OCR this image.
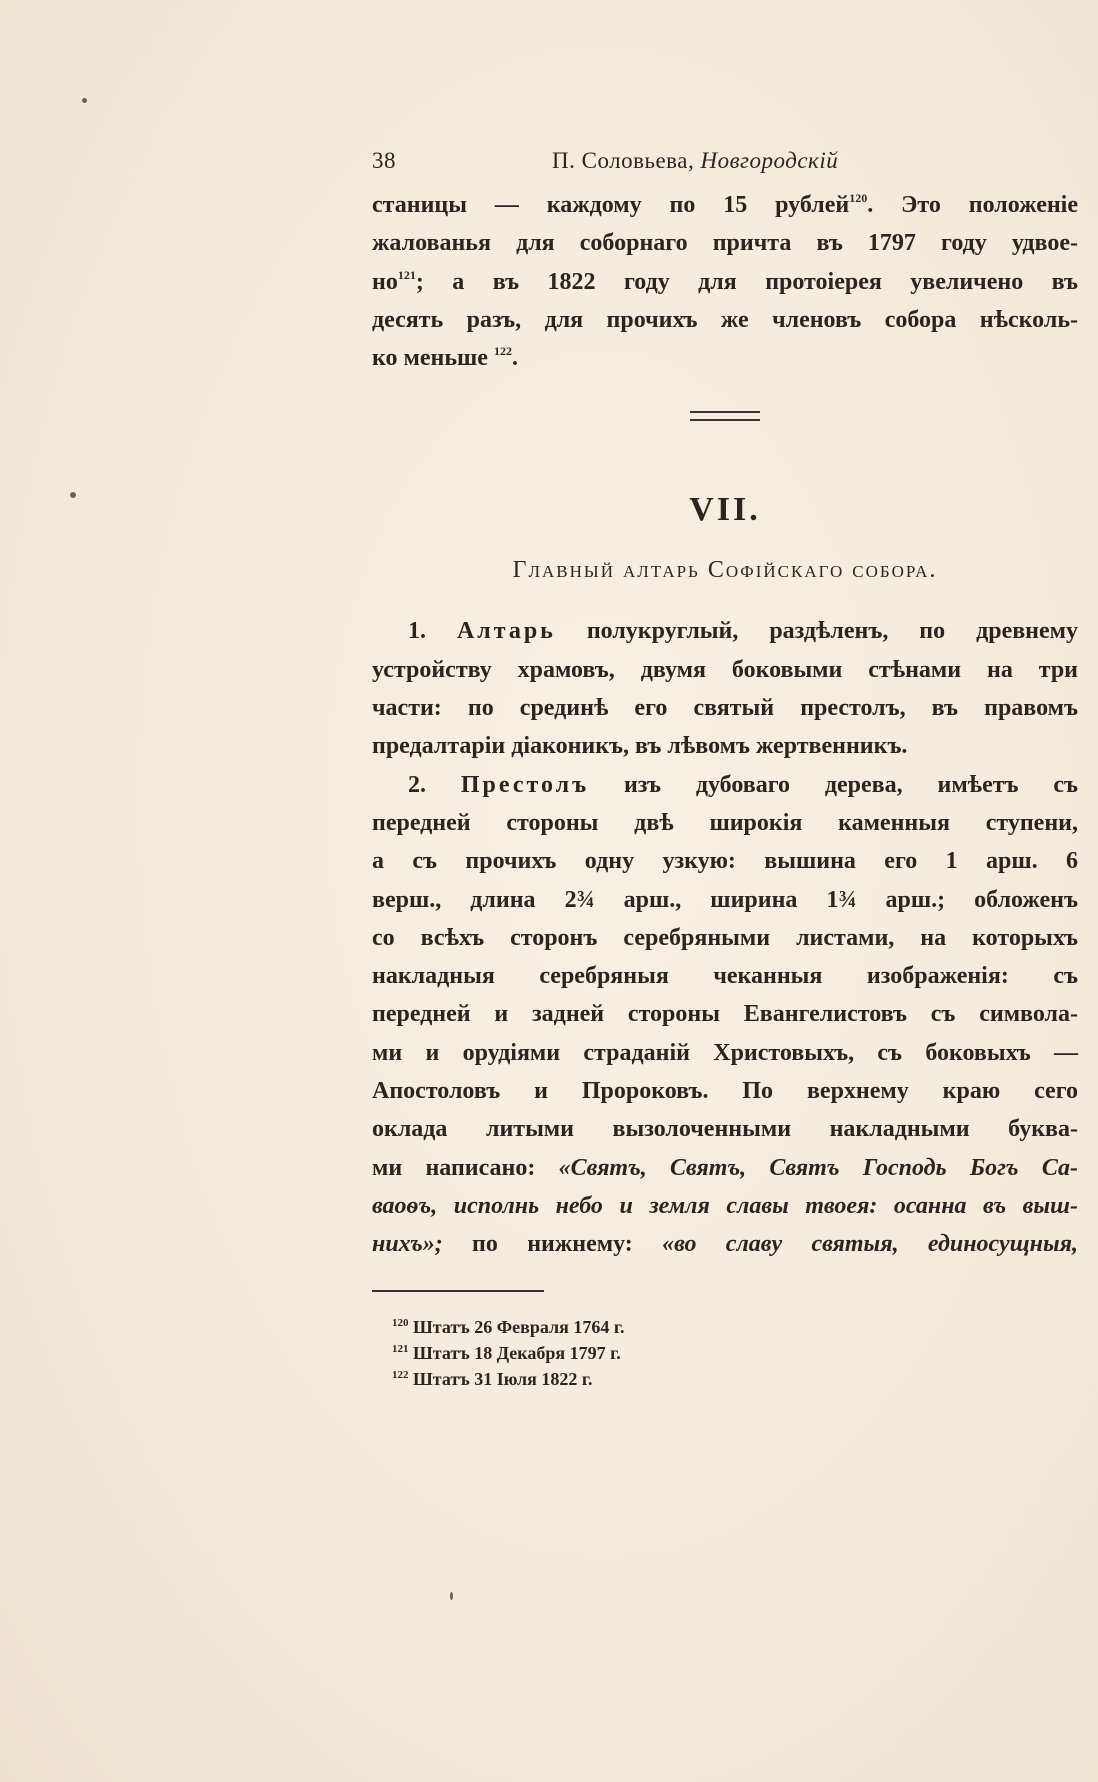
38	П. Соловьева, Новгородскій
станицы — каждому по 15 рублей$^{120}$. Это положеніе
жалованья для соборнаго причта въ 1797 году удвое-
$но^{121}$; а въ 1822 году для протоіерея увеличено въ
десять разъ, для прочихъ же членовъ собора нѣсколь-
ко меньше $^{122}$.
VII.
Главный алтарь Софійскаго собора.
1. Алтарь полукруглый, раздѣленъ, по древнему
устройству храмовъ, двумя боковыми стѣнами на три
части: по срединѣ его святый престолъ, въ правомъ
предалтаріи діаконикъ, въ лѣвомъ жертвенникъ.
2. Престолъ изъ дубоваго дерева, имѣетъ съ
передней стороны двѣ широкія каменныя ступени,
а съ прочихъ одну узкую: вышина его 1 арш. 6
верш., длина 2¾ арш., ширина 1¾ арш.; обложенъ
со всѣхъ сторонъ серебряными листами, на которыхъ
накладныя серебряныя чеканныя изображенія: съ
передней и задней стороны Евангелистовъ съ символа-
ми и орудіями страданій Христовыхъ, съ боковыхъ —
Апостоловъ и Пророковъ. По верхнему краю сего
оклада литыми вызолоченными накладными буква-
ми написано: «Святъ, Святъ, Святъ Господь Богъ Са-
ваоѳъ, исполнь небо и земля славы твоея: осанна въ выш-
нихъ»; по нижнему: «во славу святыя, единосущныя,
$^{120}$ Штатъ 26 Февраля 1764 г.
$^{121}$ Штатъ 18 Декабря 1797 г.
$^{122}$ Штатъ 31 Іюля 1822 г.
